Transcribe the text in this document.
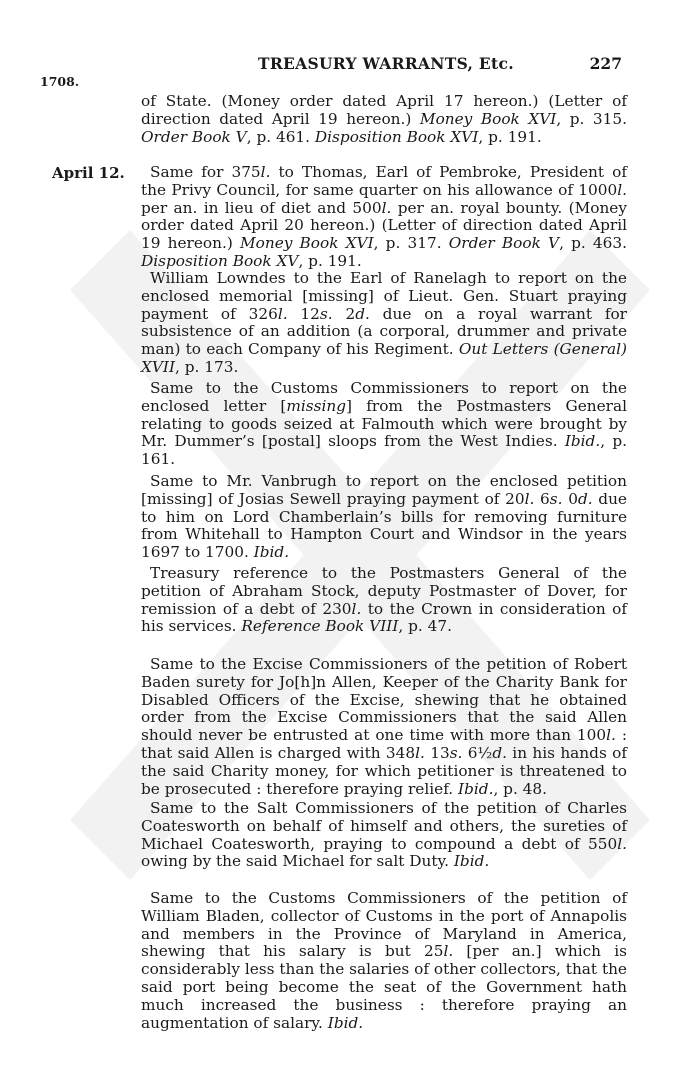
TREASURY WARRANTS, Etc.	227
1708.
April 12.
of State. (Money order dated April 17 hereon.) (Letter of direction dated April 19 hereon.) Money Book XVI, p. 315. Order Book V, p. 461. Disposition Book XVI, p. 191.
Same for 375l. to Thomas, Earl of Pembroke, President of the Privy Council, for same quarter on his allowance of 1000l. per an. in lieu of diet and 500l. per an. royal bounty. (Money order dated April 20 hereon.) (Letter of direction dated April 19 hereon.) Money Book XVI, p. 317. Order Book V, p. 463. Disposition Book XV, p. 191.
William Lowndes to the Earl of Ranelagh to report on the enclosed memorial [missing] of Lieut. Gen. Stuart praying payment of 326l. 12s. 2d. due on a royal warrant for subsistence of an addition (a corporal, drummer and private man) to each Company of his Regiment. Out Letters (General) XVII, p. 173.
Same to the Customs Commissioners to report on the enclosed letter [missing] from the Postmasters General relating to goods seized at Falmouth which were brought by Mr. Dummer’s [postal] sloops from the West Indies. Ibid., p. 161.
Same to Mr. Vanbrugh to report on the enclosed petition [missing] of Josias Sewell praying payment of 20l. 6s. 0d. due to him on Lord Chamberlain’s bills for removing furniture from Whitehall to Hampton Court and Windsor in the years 1697 to 1700. Ibid.
Treasury reference to the Postmasters General of the petition of Abraham Stock, deputy Postmaster of Dover, for remission of a debt of 230l. to the Crown in consideration of his services. Reference Book VIII, p. 47.
Same to the Excise Commissioners of the petition of Robert Baden surety for Jo[h]n Allen, Keeper of the Charity Bank for Disabled Officers of the Excise, shewing that he obtained order from the Excise Commissioners that the said Allen should never be entrusted at one time with more than 100l. : that said Allen is charged with 348l. 13s. 6½d. in his hands of the said Charity money, for which petitioner is threatened to be prosecuted : therefore praying relief. Ibid., p. 48.
Same to the Salt Commissioners of the petition of Charles Coatesworth on behalf of himself and others, the sureties of Michael Coatesworth, praying to compound a debt of 550l. owing by the said Michael for salt Duty. Ibid.
Same to the Customs Commissioners of the petition of William Bladen, collector of Customs in the port of Annapolis and members in the Province of Maryland in America, shewing that his salary is but 25l. [per an.] which is considerably less than the salaries of other collectors, that the said port being become the seat of the Government hath much increased the business : therefore praying an augmentation of salary. Ibid.
